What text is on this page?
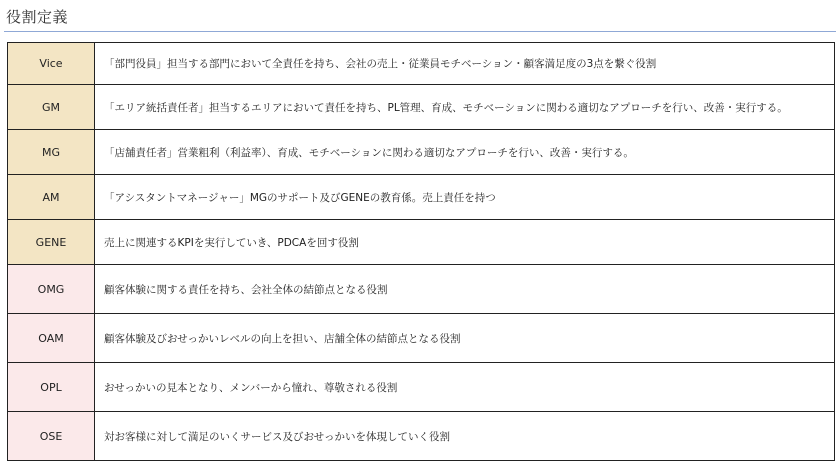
役割定義
Vice	「部門役員」担当する部門において全責任を持ち、会社の売上・従業員モチベーション・顧客満足度の3点を繋ぐ役割
GM	「エリア統括責任者」担当するエリアにおいて責任を持ち、PL管理、育成、モチベーションに関わる適切なアプローチを行い、改善・実行する。
MG	「店舗責任者」営業粗利（利益率）、育成、モチベーションに関わる適切なアプローチを行い、改善・実行する。
AM	「アシスタントマネージャー」MGのサポート及びGENEの教育係。売上責任を持つ
GENE	売上に関連するKPIを実行していき、PDCAを回す役割
OMG	顧客体験に関する責任を持ち、会社全体の結節点となる役割
OAM	顧客体験及びおせっかいレベルの向上を担い、店舗全体の結節点となる役割
OPL	おせっかいの見本となり、メンバーから憧れ、尊敬される役割
OSE	対お客様に対して満足のいくサービス及びおせっかいを体現していく役割
